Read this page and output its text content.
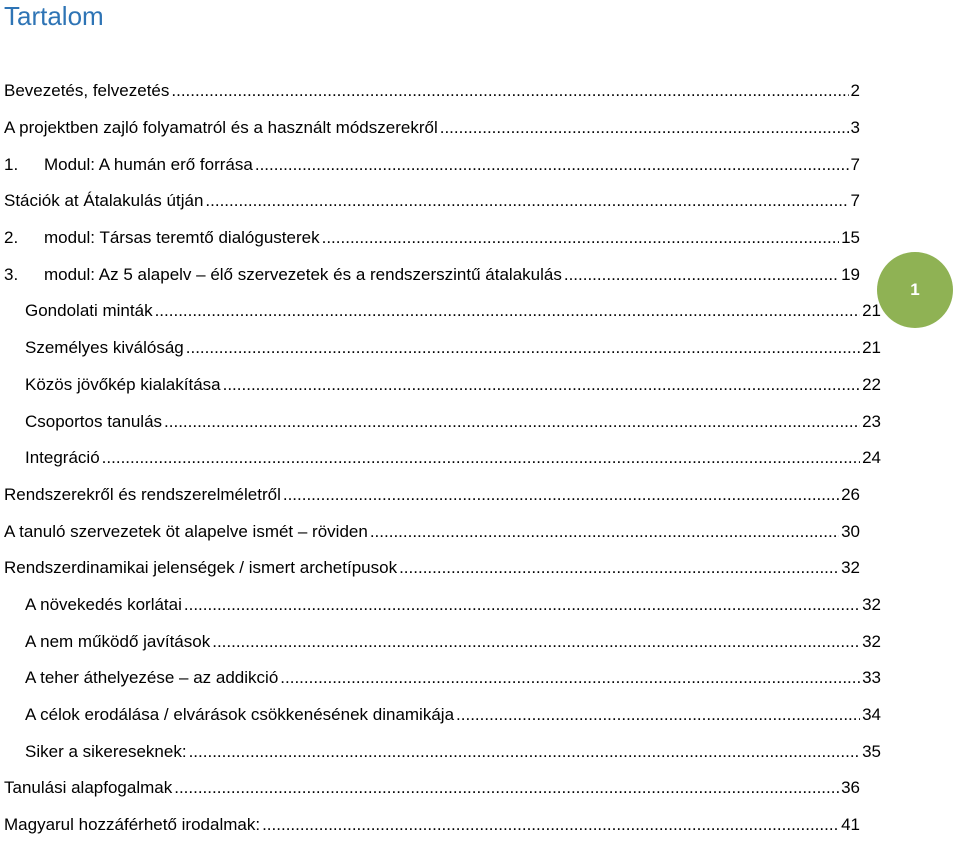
Tartalom
Bevezetés, felvezetés .....	2
A projektben zajló folyamatról és a használt módszerekről .....	3
1.	Modul: A humán erő forrása .....	7
Stációk at Átalakulás útján .....	7
2.	modul: Társas teremtő dialógusterek .....	15
3.	modul: Az 5 alapelv – élő szervezetek és a rendszerszintű átalakulás .....	19
Gondolati minták .....	21
Személyes kiválóság .....	21
Közös jövőkép kialakítása .....	22
Csoportos tanulás .....	23
Integráció .....	24
Rendszerekről és rendszerelméletről .....	26
A tanuló szervezetek öt alapelve ismét – röviden .....	30
Rendszerdinamikai jelenségek / ismert archetípusok .....	32
A növekedés korlátai .....	32
A nem működő javítások .....	32
A teher áthelyezése – az addikció .....	33
A célok erodálása / elvárások csökkenésének dinamikája .....	34
Siker a sikereseknek: .....	35
Tanulási alapfogalmak .....	36
Magyarul hozzáférhető irodalmak: .....	41
1
